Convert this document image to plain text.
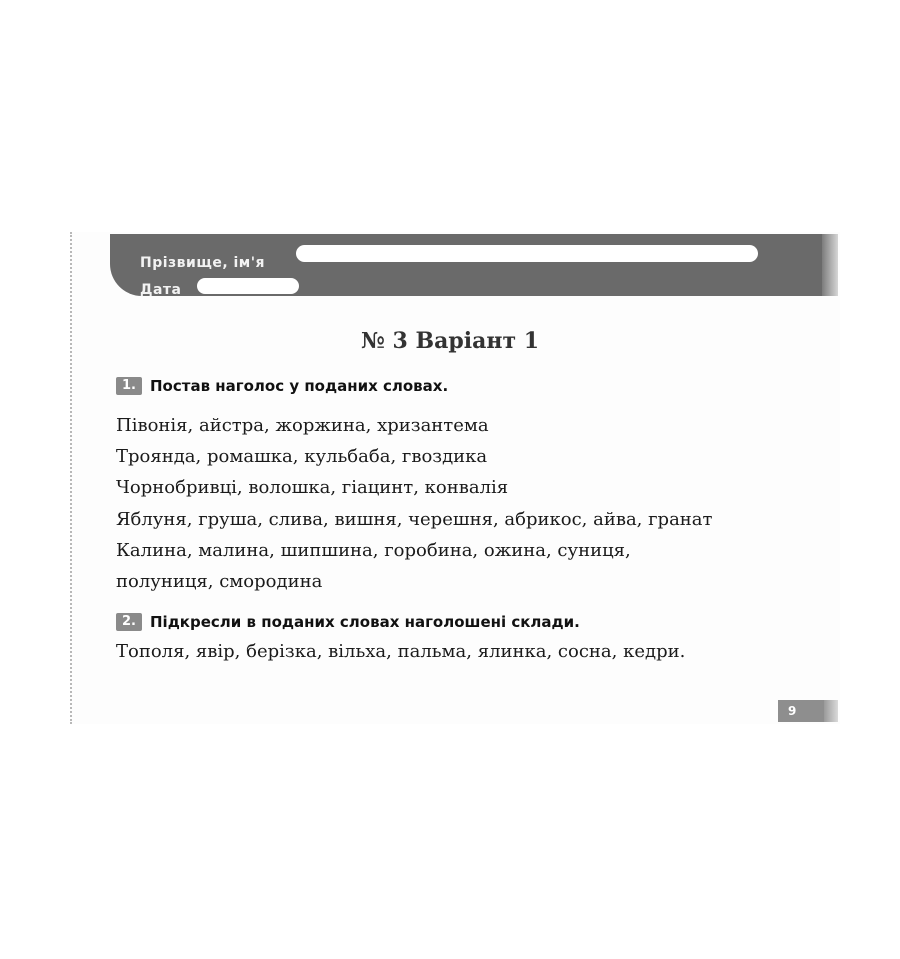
Прізвище, ім'я
Дата
№ 3 Варіант 1
1. Постав наголос у поданих словах.
Півонія, айстра, жоржина, хризантема
Троянда, ромашка, кульбаба, гвоздика
Чорнобривці, волошка, гіацинт, конвалія
Яблуня, груша, слива, вишня, черешня, абрикос, айва, гранат
Калина, малина, шипшина, горобина, ожина, суниця,
полуниця, смородина
2. Підкресли в поданих словах наголошені склади.
Тополя, явір, берізка, вільха, пальма, ялинка, сосна, кедри.
9
